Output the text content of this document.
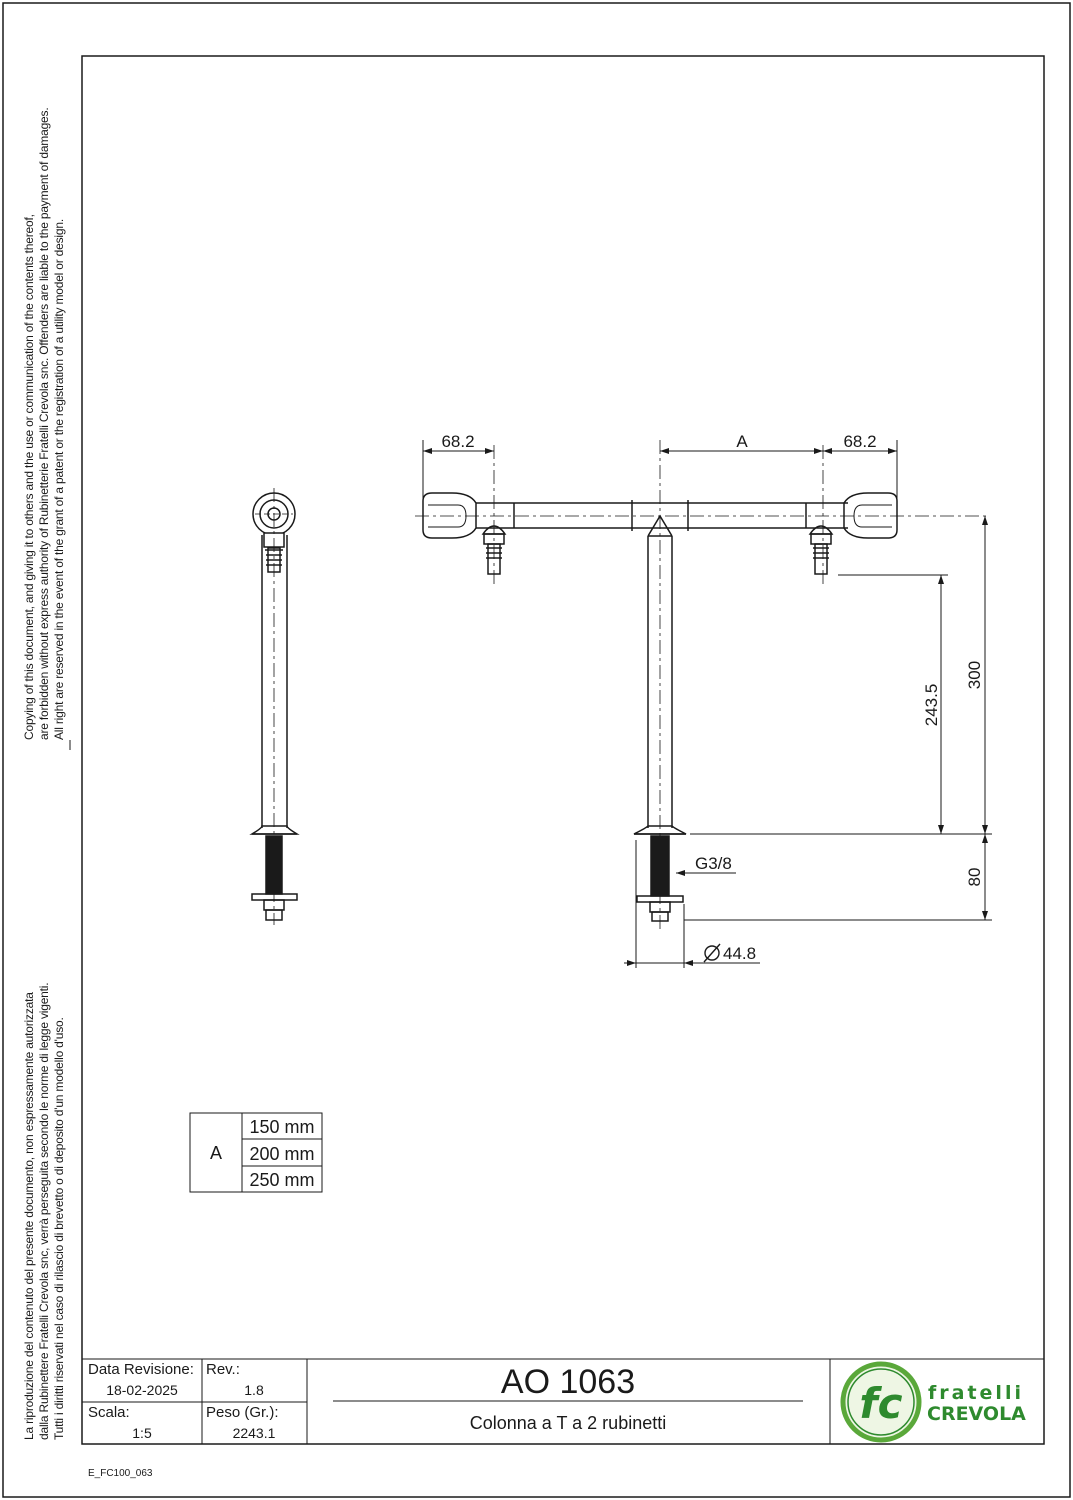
68.2	A	68.2
243.5
300
80
G3/8
44.8
A
150 mm
200 mm
250 mm
AO 1063
Colonna a T a 2 rubinetti	fc fratelli
CREVOLA
Copying of this document, and giving it to others and the use or communication of the contents thereof, are forbidden without express authority of Rubinetterie Fratelli Crevola snc. Offenders are liable to the payment of damages. All right are reserved in the event of the grant of a patent or the registration of a utility model or design.
La riproduzione del contenuto del presente documento, non espressamente autorizzata dalla Rubinettere Fratelli Crevola snc, verrà perseguita secondo le norme di legge vigenti. Tutti i diritti riservati nel caso di rilascio di brevetto o di deposito d'un modello d'uso. Data Revisione:
18-02-2025
Rev.:
1.8
Scala:
1:5
Peso (Gr.):
2243.1
E_FC100_063
